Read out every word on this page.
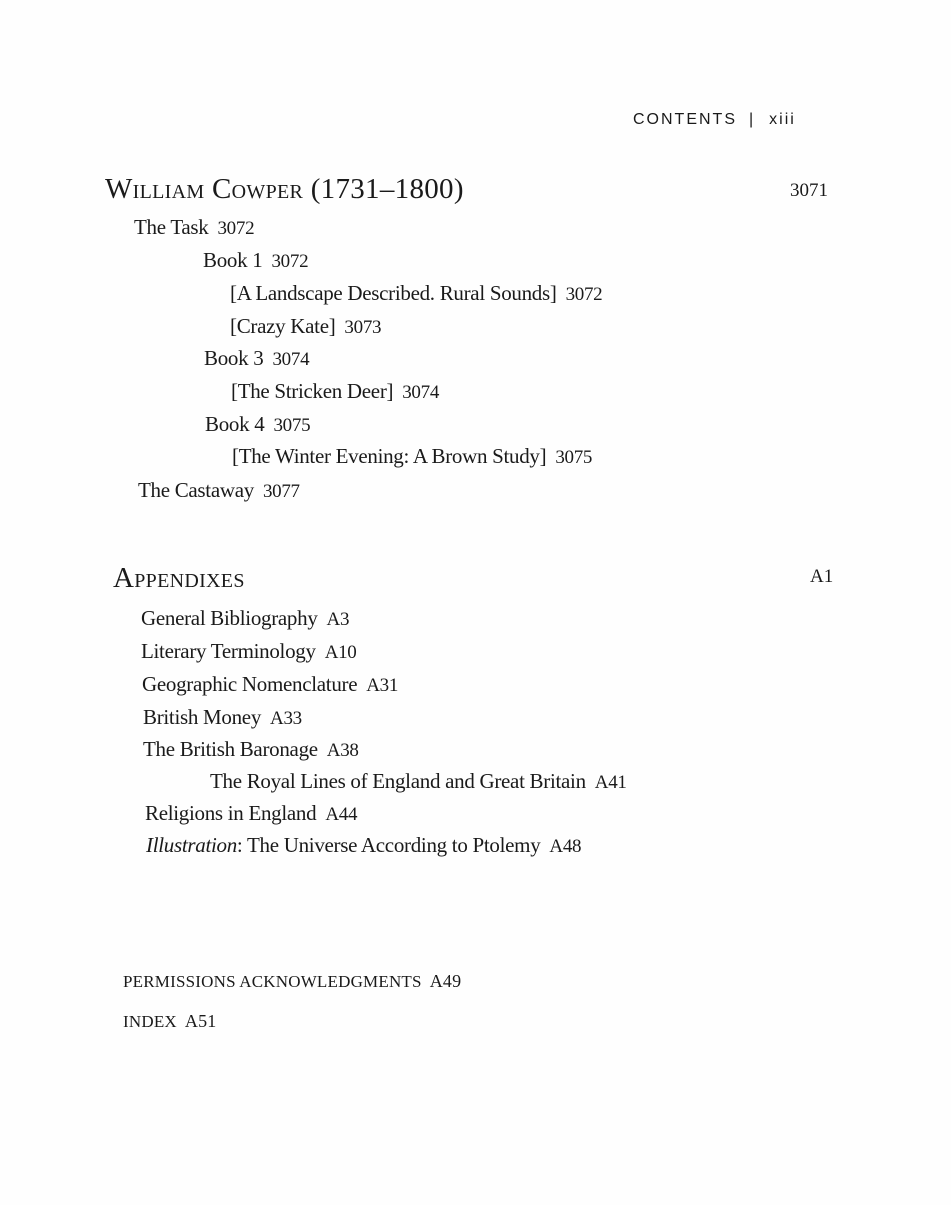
CONTENTS | xiii
William Cowper (1731–1800)	3071
The Task 3072
Book 1 3072
[A Landscape Described. Rural Sounds] 3072
[Crazy Kate] 3073
Book 3 3074
[The Stricken Deer] 3074
Book 4 3075
[The Winter Evening: A Brown Study] 3075
The Castaway 3077
Appendixes	A1
General Bibliography A3
Literary Terminology A10
Geographic Nomenclature A31
British Money A33
The British Baronage A38
The Royal Lines of England and Great Britain A41
Religions in England A44
Illustration: The Universe According to Ptolemy A48
PERMISSIONS ACKNOWLEDGMENTS A49
INDEX A51
